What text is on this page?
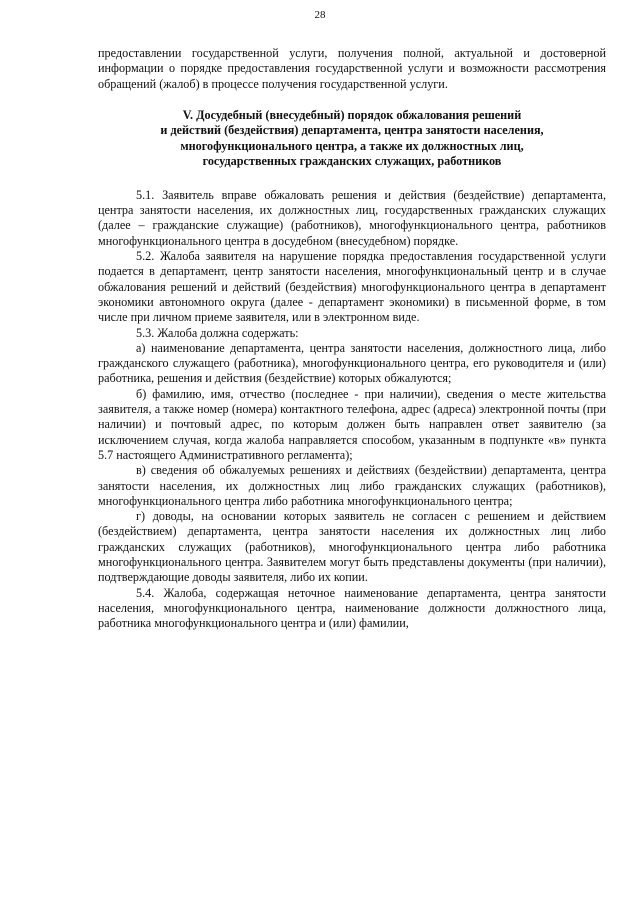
28

предоставлении государственной услуги, получения полной, актуальной и достоверной информации о порядке предоставления государственной услуги и возможности рассмотрения обращений (жалоб) в процессе получения государственной услуги.

V. Досудебный (внесудебный) порядок обжалования решений
и действий (бездействия) департамента, центра занятости населения,
многофункционального центра, а также их должностных лиц,
государственных гражданских служащих, работников

5.1. Заявитель вправе обжаловать решения и действия (бездействие) департамента, центра занятости населения, их должностных лиц, государственных гражданских служащих (далее – гражданские служащие) (работников), многофункционального центра, работников многофункционального центра в досудебном (внесудебном) порядке.

5.2. Жалоба заявителя на нарушение порядка предоставления государственной услуги подается в департамент, центр занятости населения, многофункциональный центр и в случае обжалования решений и действий (бездействия) многофункционального центра в департамент экономики автономного округа (далее - департамент экономики) в письменной форме, в том числе при личном приеме заявителя, или в электронном виде.

5.3. Жалоба должна содержать:

а) наименование департамента, центра занятости населения, должностного лица, либо гражданского служащего (работника), многофункционального центра, его руководителя и (или) работника, решения и действия (бездействие) которых обжалуются;

б) фамилию, имя, отчество (последнее - при наличии), сведения о месте жительства заявителя, а также номер (номера) контактного телефона, адрес (адреса) электронной почты (при наличии) и почтовый адрес, по которым должен быть направлен ответ заявителю (за исключением случая, когда жалоба направляется способом, указанным в подпункте «в» пункта 5.7 настоящего Административного регламента);

в) сведения об обжалуемых решениях и действиях (бездействии) департамента, центра занятости населения, их должностных лиц либо гражданских служащих (работников), многофункционального центра либо работника многофункционального центра;

г) доводы, на основании которых заявитель не согласен с решением и действием (бездействием) департамента, центра занятости населения их должностных лиц либо гражданских служащих (работников), многофункционального центра либо работника многофункционального центра. Заявителем могут быть представлены документы (при наличии), подтверждающие доводы заявителя, либо их копии.

5.4. Жалоба, содержащая неточное наименование департамента, центра занятости населения, многофункционального центра, наименование должности должностного лица, работника многофункционального центра и (или) фамилии,
